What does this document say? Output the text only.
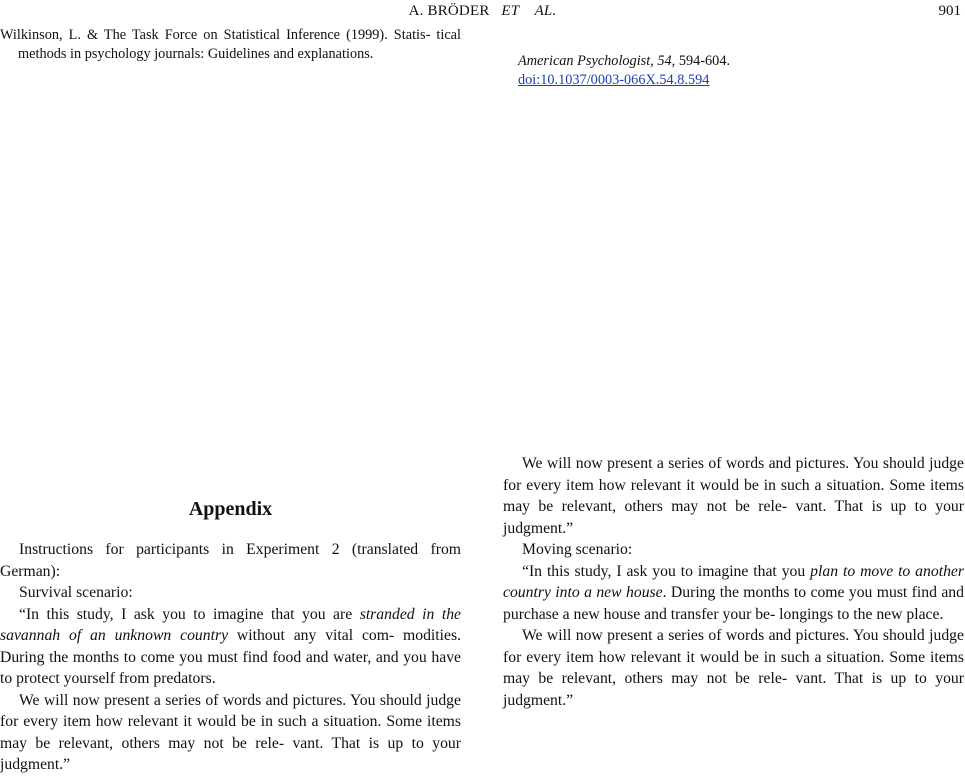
A. BRÖDER ET    AL.	901
Wilkinson, L. & The Task Force on Statistical Inference (1999). Statis- tical methods in psychology journals: Guidelines and explanations.	American Psychologist, 54, 594-604.
doi:10.1037/0003-066X.54.8.594
Appendix

Instructions for participants in Experiment 2 (translated from German):

Survival scenario:

“In this study, I ask you to imagine that you are stranded in the savannah of an unknown country without any vital com- modities. During the months to come you must find food and water, and you have to protect yourself from predators.

We will now present a series of words and pictures. You should judge for every item how relevant it would be in such a situation. Some items may be relevant, others may not be rele- vant. That is up to your judgment.”

Moving scenario:

“In this study, I ask you to imagine that you plan to move to another country into a new house. During the months to come you must find and purchase a new house and transfer your be- longings to the new place.

We will now present a series of words and pictures. You should judge for every item how relevant it would be in such a situation. Some items may be relevant, others may not be rele- vant. That is up to your judgment.”

We will now present a series of words and pictures. You should judge for every item how relevant it would be in such a situation. Some items may be relevant, others may not be rele- vant. That is up to your judgment.”
